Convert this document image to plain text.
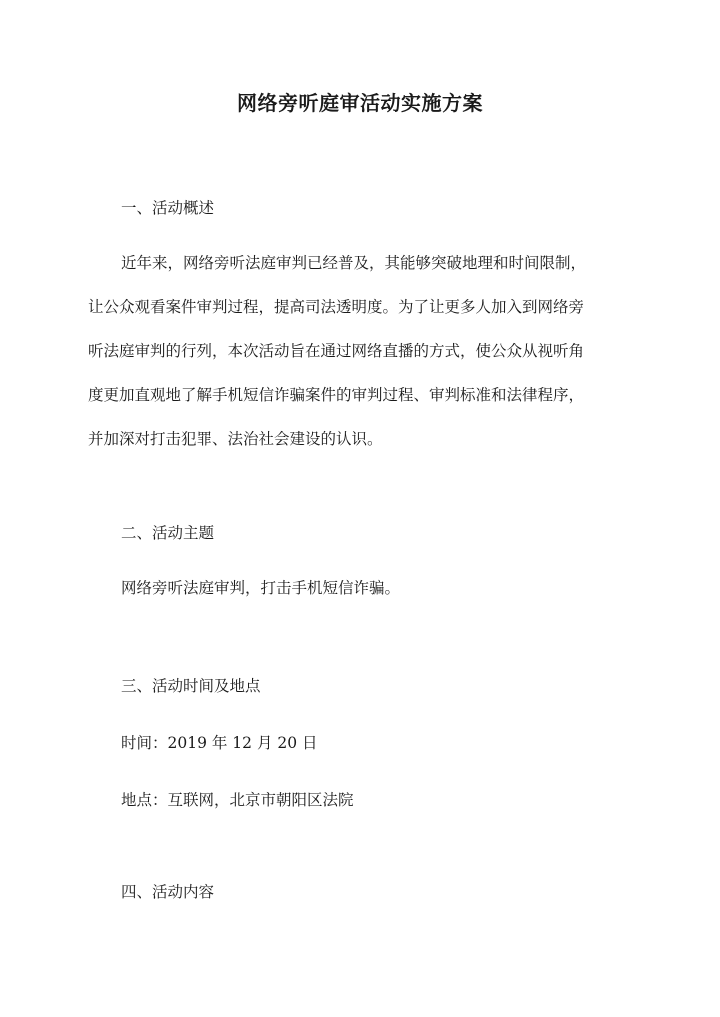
网络旁听庭审活动实施方案
一、活动概述
近年来，网络旁听法庭审判已经普及，其能够突破地理和时间限制，
让公众观看案件审判过程，提高司法透明度。为了让更多人加入到网络旁
听法庭审判的行列，本次活动旨在通过网络直播的方式，使公众从视听角
度更加直观地了解手机短信诈骗案件的审判过程、审判标准和法律程序，
并加深对打击犯罪、法治社会建设的认识。
二、活动主题
网络旁听法庭审判，打击手机短信诈骗。
三、活动时间及地点
时间：2019 年 12 月 20 日
地点：互联网，北京市朝阳区法院
四、活动内容
